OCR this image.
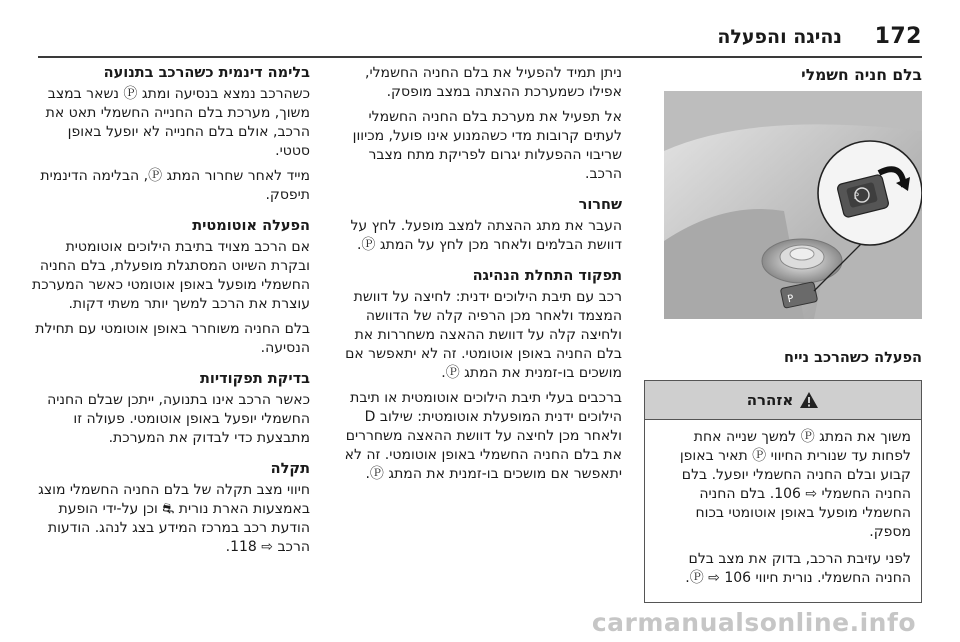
172
נהיגה והפעלה
בלם חניה חשמלי
P
P
הפעלה כשהרכב נייח
אזהרה

משוך את המתג Ⓟ למשך שנייה אחת לפחות עד שנורית החיווי Ⓟ תאיר באופן קבוע ובלם החניה החשמלי יופעל. בלם החניה החשמלי ⇨ 106. בלם החניה החשמלי מופעל באופן אוטומטי בכוח מספק.

לפני עזיבת הרכב, בדוק את מצב בלם החניה החשמלי. נורית חיווי Ⓟ ⇨ 106.

ניתן תמיד להפעיל את בלם החניה החשמלי, אפילו כשמערכת ההצתה במצב מופסק.

אל תפעיל את מערכת בלם החניה החשמלי לעתים קרובות מדי כשהמנוע אינו פועל, מכיוון שריבוי ההפעלות יגרום לפריקת מתח מצבר הרכב.

שחרור

העבר את מתג ההצתה למצב מופעל. לחץ על דוושת הבלמים ולאחר מכן לחץ על המתג Ⓟ.

תפקוד התחלת הנהיגה

רכב עם תיבת הילוכים ידנית: לחיצה על דוושת המצמד ולאחר מכן הרפיה קלה של הדוושה ולחיצה קלה על דוושת ההאצה משחררות את בלם החניה באופן אוטומטי. זה לא יתאפשר אם מושכים בו-זמנית את המתג Ⓟ.

ברכבים בעלי תיבת הילוכים אוטומטית או תיבת הילוכים ידנית המופעלת אוטומטית: שילוב D ולאחר מכן לחיצה על דוושת ההאצה משחררים את בלם החניה החשמלי באופן אוטומטי. זה לא יתאפשר אם מושכים בו-זמנית את המתג Ⓟ.

בלימה דינמית כשהרכב בתנועה

כשהרכב נמצא בנסיעה ומתג Ⓟ נשאר במצב משוך, מערכת בלם החנייה החשמלי תאט את הרכב, אולם בלם החנייה לא יופעל באופן סטטי.

מייד לאחר שחרור המתג Ⓟ, הבלימה הדינמית תיפסק.

הפעלה אוטומטית

אם הרכב מצויד בתיבת הילוכים אוטומטית ובקרת השיוט המסתגלת מופעלת, בלם החניה החשמלי מופעל באופן אוטומטי כאשר המערכת עוצרת את הרכב למשך יותר משתי דקות.

בלם החניה משוחרר באופן אוטומטי עם תחילת הנסיעה.

בדיקת תפקודיות

כאשר הרכב אינו בתנועה, ייתכן שבלם החניה החשמלי יופעל באופן אוטומטי. פעולה זו מתבצעת כדי לבדוק את המערכת.

תקלה

חיווי מצב תקלה של בלם החניה החשמלי מוצג באמצעות הארת נורית ⛐ וכן על-ידי הופעת הודעת רכב במרכז המידע בצג לנהג. הודעות הרכב ⇨ 118.

carmanualsonline.info
